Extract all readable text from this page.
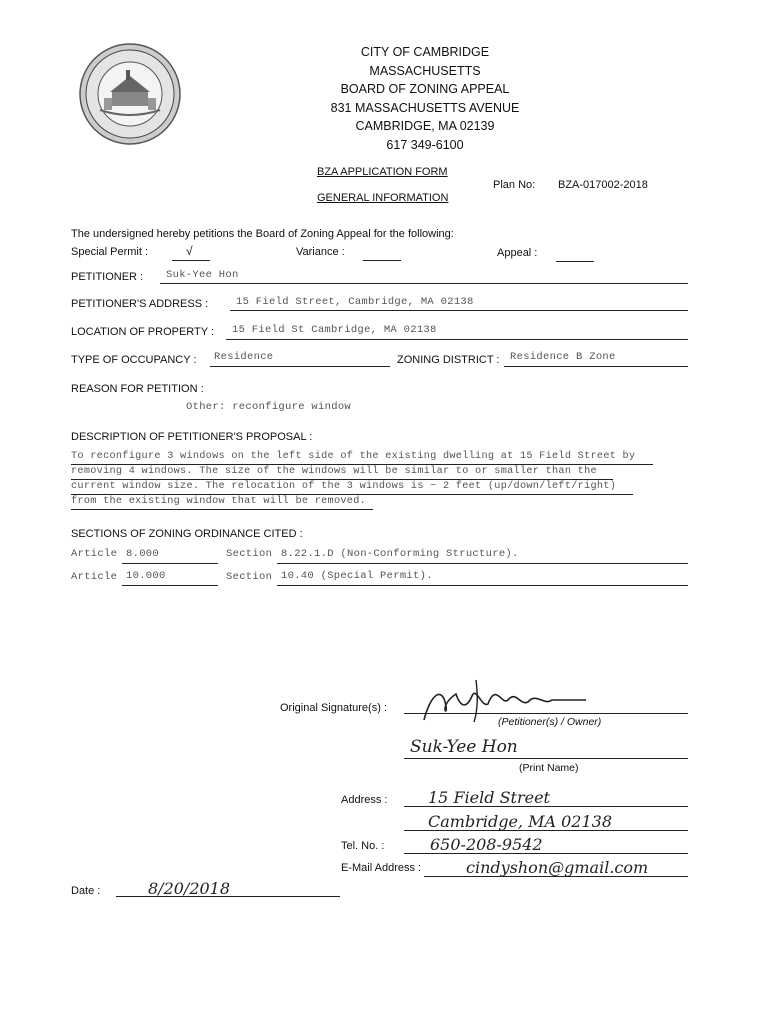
CITY OF CAMBRIDGE
MASSACHUSETTS
BOARD OF ZONING APPEAL
831 MASSACHUSETTS AVENUE
CAMBRIDGE, MA 02139
617 349-6100
BZA APPLICATION FORM
Plan No: BZA-017002-2018
GENERAL INFORMATION
The undersigned hereby petitions the Board of Zoning Appeal for the following:
Special Permit :	√	Variance :	Appeal :
PETITIONER : Suk-Yee Hon
PETITIONER'S ADDRESS :	15 Field Street, Cambridge, MA 02138
LOCATION OF PROPERTY : 15 Field St Cambridge, MA 02138
TYPE OF OCCUPANCY : Residence	ZONING DISTRICT : Residence B Zone
REASON FOR PETITION :
Other: reconfigure window
DESCRIPTION OF PETITIONER'S PROPOSAL :
To reconfigure 3 windows on the left side of the existing dwelling at 15 Field Street by
removing 4 windows. The size of the windows will be similar to or smaller than the
current window size. The relocation of the 3 windows is ~ 2 feet (up/down/left/right)
from the existing window that will be removed.
SECTIONS OF ZONING ORDINANCE CITED :
Article 8.000	Section 8.22.1.D (Non-Conforming Structure).
Article 10.000	Section 10.40 (Special Permit).
Original Signature(s) :
(Petitioner(s) / Owner)
Suk-Yee Hon
(Print Name)
Address :	15 Field Street
Cambridge, MA 02138
Tel. No. :	650-208-9542
E-Mail Address :	cindyshon@gmail.com
Date :	8/20/2018
